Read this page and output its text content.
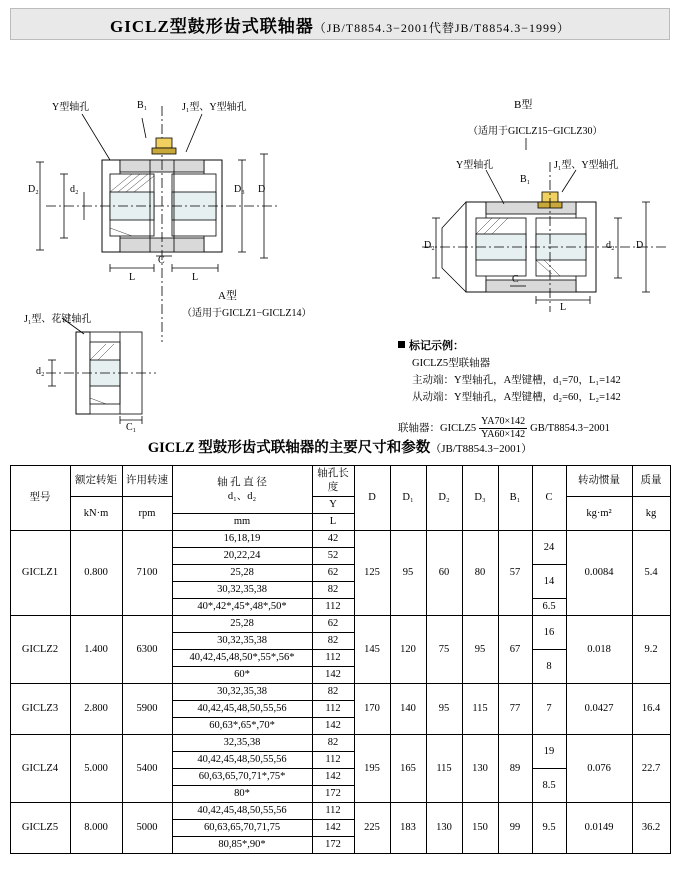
GICLZ型鼓形齿式联轴器（JB/T8854.3−2001代替JB/T8854.3−1999）
Y型轴孔	B₁	J₁型、Y型轴孔
D₂	d₂	D₃ D
C
L	L
A型
（适用于GICLZ1−GICLZ14）
J₁型、花键轴孔
d₂
C₁
B型
（适用于GICLZ15−GICLZ30）
Y型轴孔	J₁型、Y型轴孔
B₁
D₂	d₂ D
C
L
标记示例：
GICLZ5型联轴器
主动端：Y型轴孔，A型键槽，d₁=70，L₁=142
从动端：Y型轴孔，A型键槽，d₂=60，L₂=142
联轴器：GICLZ5 $\frac{YA70\times 142}{YA60\times 142} GB/T8854.3-2001$
GICLZ 型鼓形齿式联轴器的主要尺寸和参数（JB/T8854.3−2001）
型号	额定转矩	许用转速	轴 孔 直 径
d₁、d₂	轴孔长度	D	D₁	D₂	D₃	B₁	C	转动惯量	质量
	kN·m	rpm		Y							kg·m²	kg
			mm	L								
GICLZ1	0.800	7100	16,18,19	42	125	95	60	80	57	24	0.0084	5.4
			20,22,24	52								
			25,28	62						14		
			30,32,35,38	82								
			40*,42*,45*,48*,50*	112						6.5		
GICLZ2	1.400	6300	25,28	62	145	120	75	95	67	16	0.018	9.2
			30,32,35,38	82								
			40,42,45,48,50*,55*,56*	112						8		
			60*	142								
GICLZ3	2.800	5900	30,32,35,38	82	170	140	95	115	77	7	0.0427	16.4
			40,42,45,48,50,55,56	112								
			60,63*,65*,70*	142								
GICLZ4	5.000	5400	32,35,38	82	195	165	115	130	89	19	0.076	22.7
			40,42,45,48,50,55,56	112								
			60,63,65,70,71*,75*	142						8.5		
			80*	172								
GICLZ5	8.000	5000	40,42,45,48,50,55,56	112	225	183	130	150	99	9.5	0.0149	36.2
			60,63,65,70,71,75	142								
			80,85*,90*	172								
